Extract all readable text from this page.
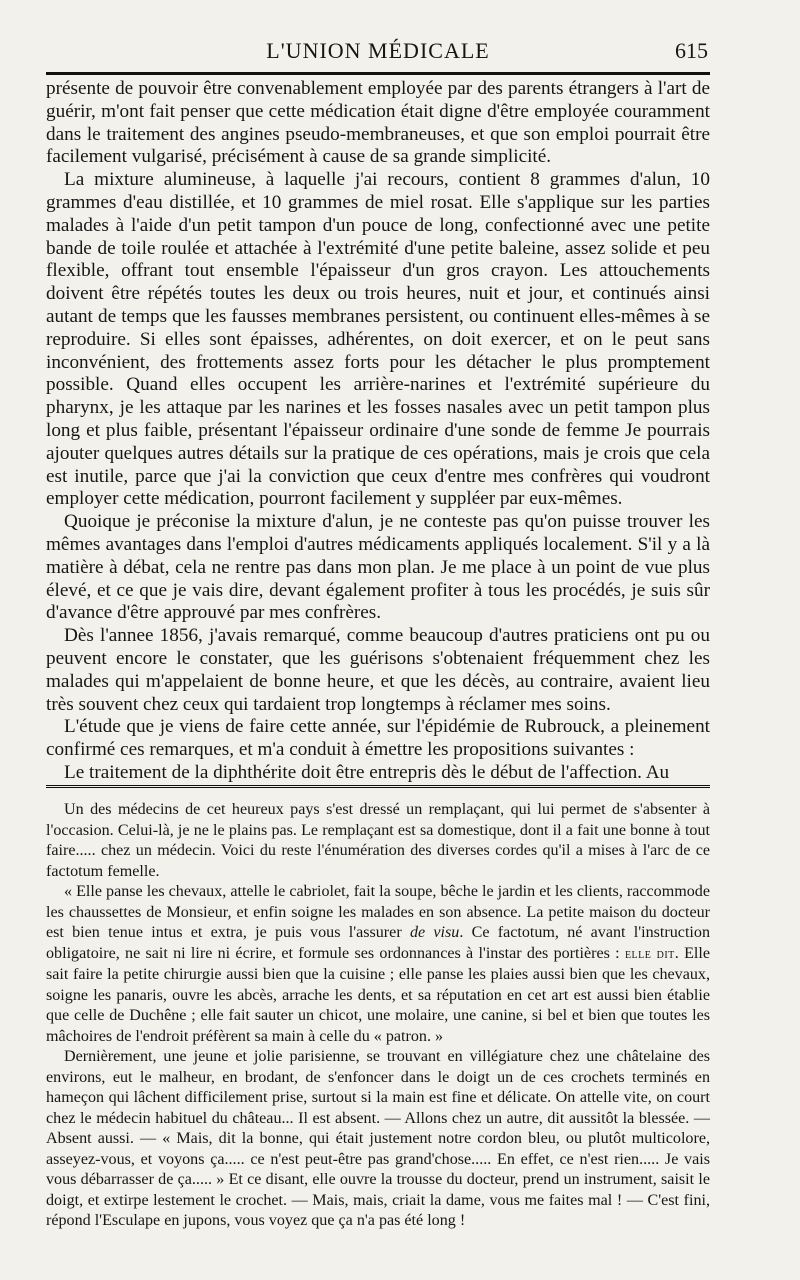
L'UNION MÉDICALE	615

présente de pouvoir être convenablement employée par des parents étrangers à l'art de guérir, m'ont fait penser que cette médication était digne d'être employée couramment dans le traitement des angines pseudo-membraneuses, et que son emploi pourrait être facilement vulgarisé, précisément à cause de sa grande simplicité.

La mixture alumineuse, à laquelle j'ai recours, contient 8 grammes d'alun, 10 grammes d'eau distillée, et 10 grammes de miel rosat. Elle s'applique sur les parties malades à l'aide d'un petit tampon d'un pouce de long, confectionné avec une petite bande de toile roulée et attachée à l'extrémité d'une petite baleine, assez solide et peu flexible, offrant tout ensemble l'épaisseur d'un gros crayon. Les attouchements doivent être répétés toutes les deux ou trois heures, nuit et jour, et continués ainsi autant de temps que les fausses membranes persistent, ou continuent elles-mêmes à se reproduire. Si elles sont épaisses, adhérentes, on doit exercer, et on le peut sans inconvénient, des frottements assez forts pour les détacher le plus promptement possible. Quand elles occupent les arrière-narines et l'extrémité supérieure du pharynx, je les attaque par les narines et les fosses nasales avec un petit tampon plus long et plus faible, présentant l'épaisseur ordinaire d'une sonde de femme Je pourrais ajouter quelques autres détails sur la pratique de ces opérations, mais je crois que cela est inutile, parce que j'ai la conviction que ceux d'entre mes confrères qui voudront employer cette médication, pourront facilement y suppléer par eux-mêmes.

Quoique je préconise la mixture d'alun, je ne conteste pas qu'on puisse trouver les mêmes avantages dans l'emploi d'autres médicaments appliqués localement. S'il y a là matière à débat, cela ne rentre pas dans mon plan. Je me place à un point de vue plus élevé, et ce que je vais dire, devant également profiter à tous les procédés, je suis sûr d'avance d'être approuvé par mes confrères.

Dès l'annee 1856, j'avais remarqué, comme beaucoup d'autres praticiens ont pu ou peuvent encore le constater, que les guérisons s'obtenaient fréquemment chez les malades qui m'appelaient de bonne heure, et que les décès, au contraire, avaient lieu très souvent chez ceux qui tardaient trop longtemps à réclamer mes soins.

L'étude que je viens de faire cette année, sur l'épidémie de Rubrouck, a pleinement confirmé ces remarques, et m'a conduit à émettre les propositions suivantes :

Le traitement de la diphthérite doit être entrepris dès le début de l'affection. Au

Un des médecins de cet heureux pays s'est dressé un remplaçant, qui lui permet de s'absenter à l'occasion. Celui-là, je ne le plains pas. Le remplaçant est sa domestique, dont il a fait une bonne à tout faire..... chez un médecin. Voici du reste l'énumération des diverses cordes qu'il a mises à l'arc de ce factotum femelle.

« Elle panse les chevaux, attelle le cabriolet, fait la soupe, bêche le jardin et les clients, raccommode les chaussettes de Monsieur, et enfin soigne les malades en son absence. La petite maison du docteur est bien tenue intus et extra, je puis vous l'assurer de visu. Ce factotum, né avant l'instruction obligatoire, ne sait ni lire ni écrire, et formule ses ordonnances à l'instar des portières : elle dit. Elle sait faire la petite chirurgie aussi bien que la cuisine ; elle panse les plaies aussi bien que les chevaux, soigne les panaris, ouvre les abcès, arrache les dents, et sa réputation en cet art est aussi bien établie que celle de Duchêne ; elle fait sauter un chicot, une molaire, une canine, si bel et bien que toutes les mâchoires de l'endroit préfèrent sa main à celle du « patron. »

Dernièrement, une jeune et jolie parisienne, se trouvant en villégiature chez une châtelaine des environs, eut le malheur, en brodant, de s'enfoncer dans le doigt un de ces crochets terminés en hameçon qui lâchent difficilement prise, surtout si la main est fine et délicate. On attelle vite, on court chez le médecin habituel du château... Il est absent. — Allons chez un autre, dit aussitôt la blessée. — Absent aussi. — « Mais, dit la bonne, qui était justement notre cordon bleu, ou plutôt multicolore, asseyez-vous, et voyons ça..... ce n'est peut-être pas grand'chose..... En effet, ce n'est rien..... Je vais vous débarrasser de ça..... » Et ce disant, elle ouvre la trousse du docteur, prend un instrument, saisit le doigt, et extirpe lestement le crochet. — Mais, mais, criait la dame, vous me faites mal ! — C'est fini, répond l'Esculape en jupons, vous voyez que ça n'a pas été long !
